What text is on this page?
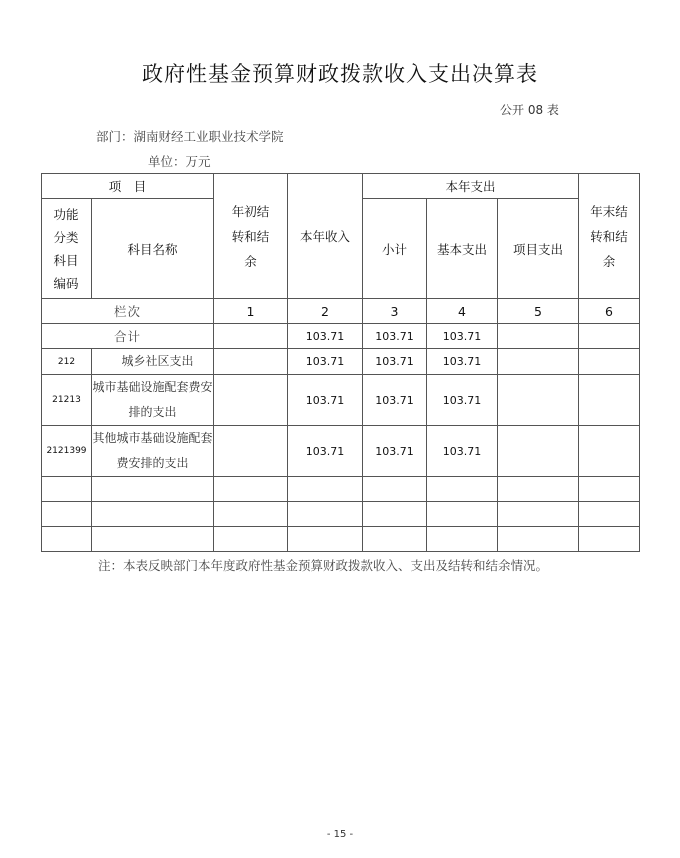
政府性基金预算财政拨款收入支出决算表
公开 08 表
部门：湖南财经工业职业技术学院
单位：万元
项　目		年初结转和结余	本年收入	本年支出			年末结转和结余
功能分类科目编码	科目名称			小计	基本支出	项目支出	
栏次		1	2	3	4	5	6
合计			103.71	103.71	103.71		
212	城乡社区支出		103.71	103.71	103.71		
21213	城市基础设施配套费安排的支出		103.71	103.71	103.71		
2121399	其他城市基础设施配套费安排的支出		103.71	103.71	103.71		

注：本表反映部门本年度政府性基金预算财政拨款收入、支出及结转和结余情况。
- 15 -
